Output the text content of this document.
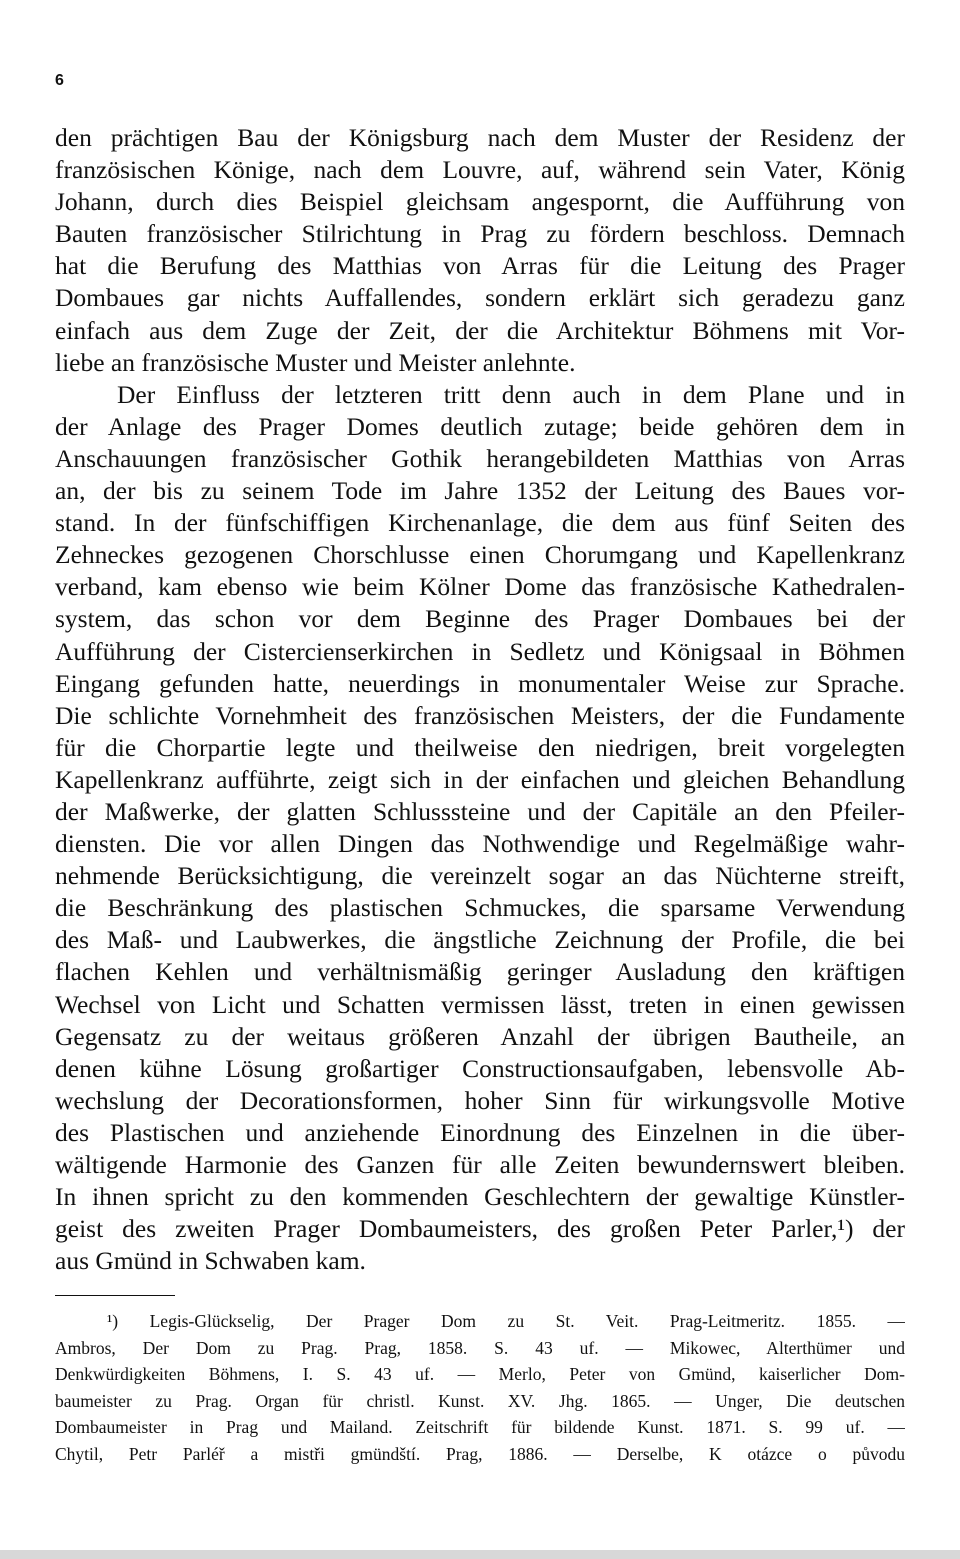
6
den prächtigen Bau der Königsburg nach dem Muster der Residenz der
französischen Könige, nach dem Louvre, auf, während sein Vater, König
Johann, durch dies Beispiel gleichsam angespornt, die Aufführung von
Bauten französischer Stilrichtung in Prag zu fördern beschloss. Demnach
hat die Berufung des Matthias von Arras für die Leitung des Prager
Dombaues gar nichts Auffallendes, sondern erklärt sich geradezu ganz
einfach aus dem Zuge der Zeit, der die Architektur Böhmens mit Vor-
liebe an französische Muster und Meister anlehnte.
Der Einfluss der letzteren tritt denn auch in dem Plane und in
der Anlage des Prager Domes deutlich zutage; beide gehören dem in
Anschauungen französischer Gothik herangebildeten Matthias von Arras
an, der bis zu seinem Tode im Jahre 1352 der Leitung des Baues vor-
stand. In der fünfschiffigen Kirchenanlage, die dem aus fünf Seiten des
Zehneckes gezogenen Chorschlusse einen Chorumgang und Kapellenkranz
verband, kam ebenso wie beim Kölner Dome das französische Kathedralen-
system, das schon vor dem Beginne des Prager Dombaues bei der
Aufführung der Cistercienserkirchen in Sedletz und Königsaal in Böhmen
Eingang gefunden hatte, neuerdings in monumentaler Weise zur Sprache.
Die schlichte Vornehmheit des französischen Meisters, der die Fundamente
für die Chorpartie legte und theilweise den niedrigen, breit vorgelegten
Kapellenkranz aufführte, zeigt sich in der einfachen und gleichen Behandlung
der Maßwerke, der glatten Schlusssteine und der Capitäle an den Pfeiler-
diensten. Die vor allen Dingen das Nothwendige und Regelmäßige wahr-
nehmende Berücksichtigung, die vereinzelt sogar an das Nüchterne streift,
die Beschränkung des plastischen Schmuckes, die sparsame Verwendung
des Maß- und Laubwerkes, die ängstliche Zeichnung der Profile, die bei
flachen Kehlen und verhältnismäßig geringer Ausladung den kräftigen
Wechsel von Licht und Schatten vermissen lässt, treten in einen gewissen
Gegensatz zu der weitaus größeren Anzahl der übrigen Bautheile, an
denen kühne Lösung großartiger Constructionsaufgaben, lebensvolle Ab-
wechslung der Decorationsformen, hoher Sinn für wirkungsvolle Motive
des Plastischen und anziehende Einordnung des Einzelnen in die über-
wältigende Harmonie des Ganzen für alle Zeiten bewundernswert bleiben.
In ihnen spricht zu den kommenden Geschlechtern der gewaltige Künstler-
geist des zweiten Prager Dombaumeisters, des großen Peter Parler,¹) der
aus Gmünd in Schwaben kam.
¹) Legis-Glückselig, Der Prager Dom zu St. Veit. Prag-Leitmeritz. 1855. —
Ambros, Der Dom zu Prag. Prag, 1858. S. 43 uf. — Mikowec, Alterthümer und
Denkwürdigkeiten Böhmens, I. S. 43 uf. — Merlo, Peter von Gmünd, kaiserlicher Dom-
baumeister zu Prag. Organ für christl. Kunst. XV. Jhg. 1865. — Unger, Die deutschen
Dombaumeister in Prag und Mailand. Zeitschrift für bildende Kunst. 1871. S. 99 uf. —
Chytil, Petr Parléř a mistři gmündští. Prag, 1886. — Derselbe, K otázce o původu
